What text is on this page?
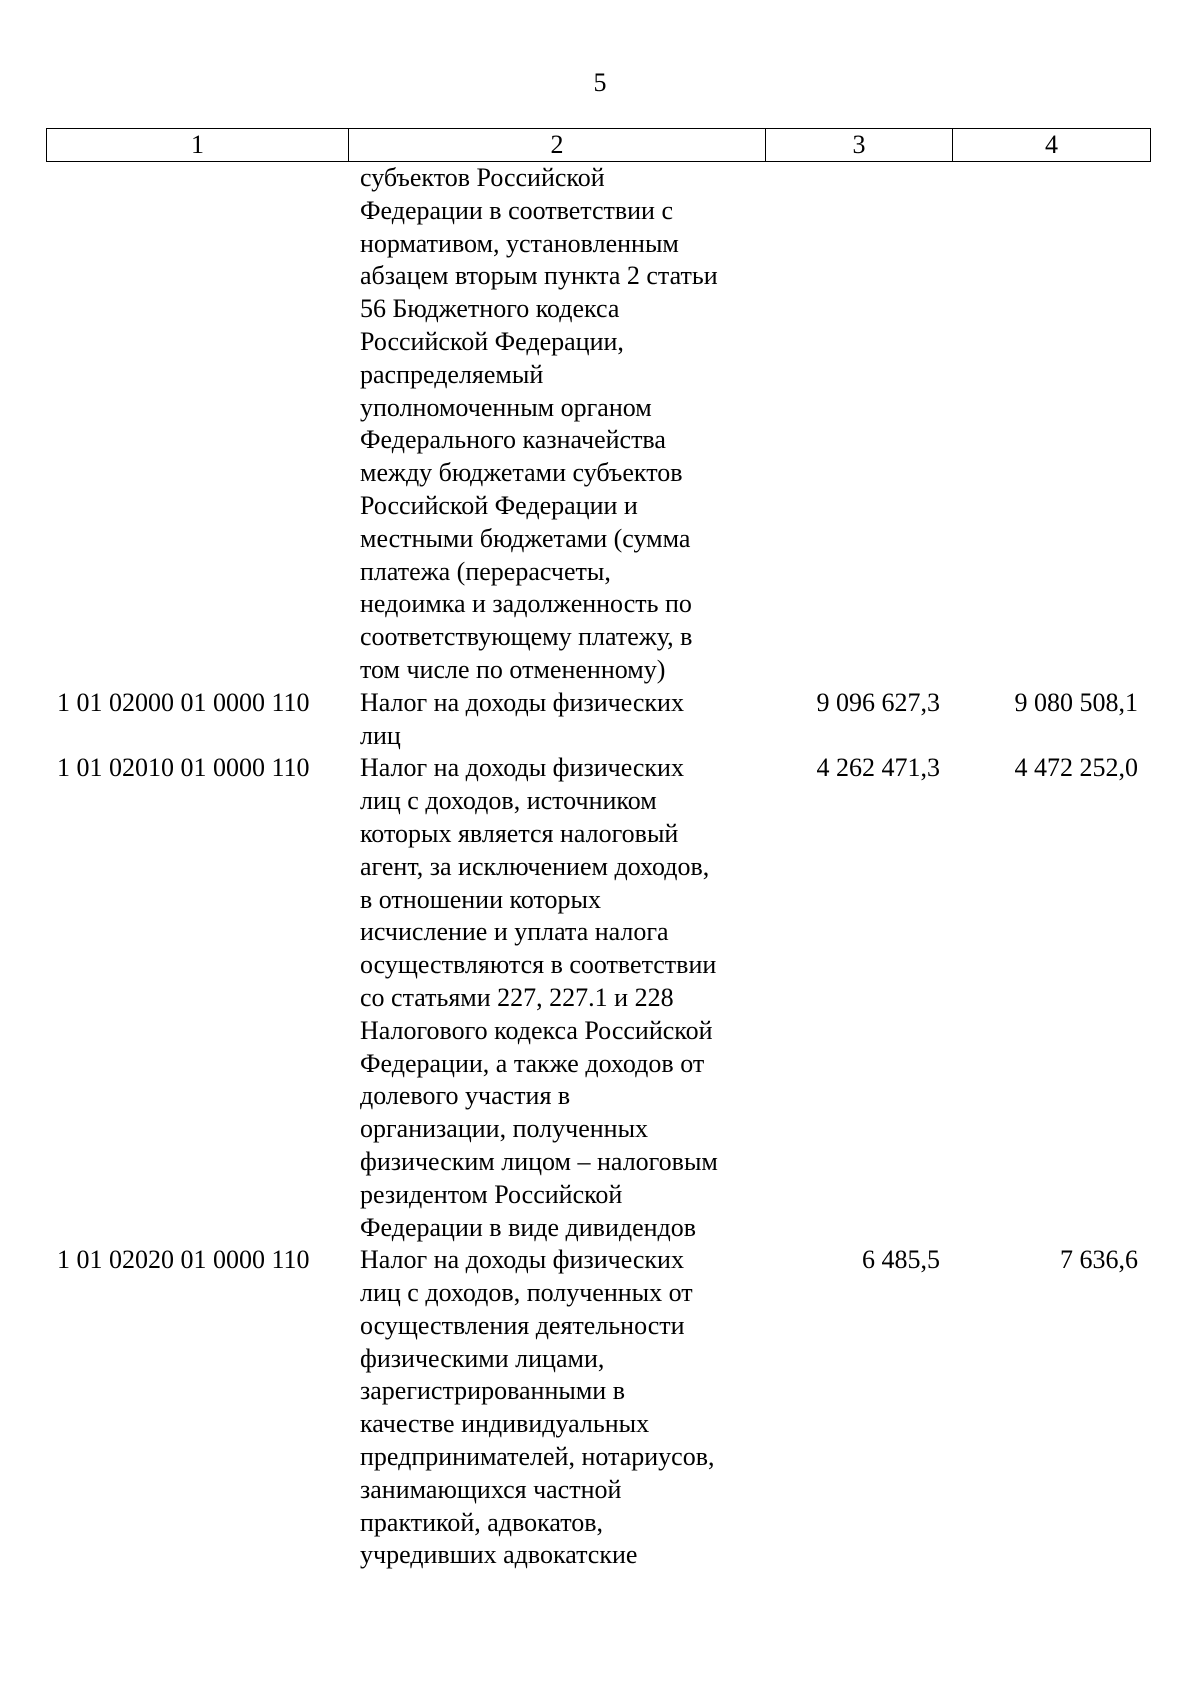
5
1	2	3	4
субъектов Российской
Федерации в соответствии с
нормативом, установленным
абзацем вторым пункта 2 статьи
56 Бюджетного кодекса
Российской Федерации,
распределяемый
уполномоченным органом
Федерального казначейства
между бюджетами субъектов
Российской Федерации и
местными бюджетами (сумма
платежа (перерасчеты,
недоимка и задолженность по
соответствующему платежу, в
том числе по отмененному)
1 01 02000 01 0000 110	Налог на доходы физических
лиц
9 096 627,3	9 080 508,1
1 01 02010 01 0000 110	Налог на доходы физических
лиц с доходов, источником
которых является налоговый
агент, за исключением доходов,
в отношении которых
исчисление и уплата налога
осуществляются в соответствии
со статьями 227, 227.1 и 228
Налогового кодекса Российской
Федерации, а также доходов от
долевого участия в
организации, полученных
физическим лицом – налоговым
резидентом Российской
Федерации в виде дивидендов
4 262 471,3	4 472 252,0
1 01 02020 01 0000 110	Налог на доходы физических
лиц с доходов, полученных от
осуществления деятельности
физическими лицами,
зарегистрированными в
качестве индивидуальных
предпринимателей, нотариусов,
занимающихся частной
практикой, адвокатов,
учредивших адвокатские
6 485,5	7 636,6
